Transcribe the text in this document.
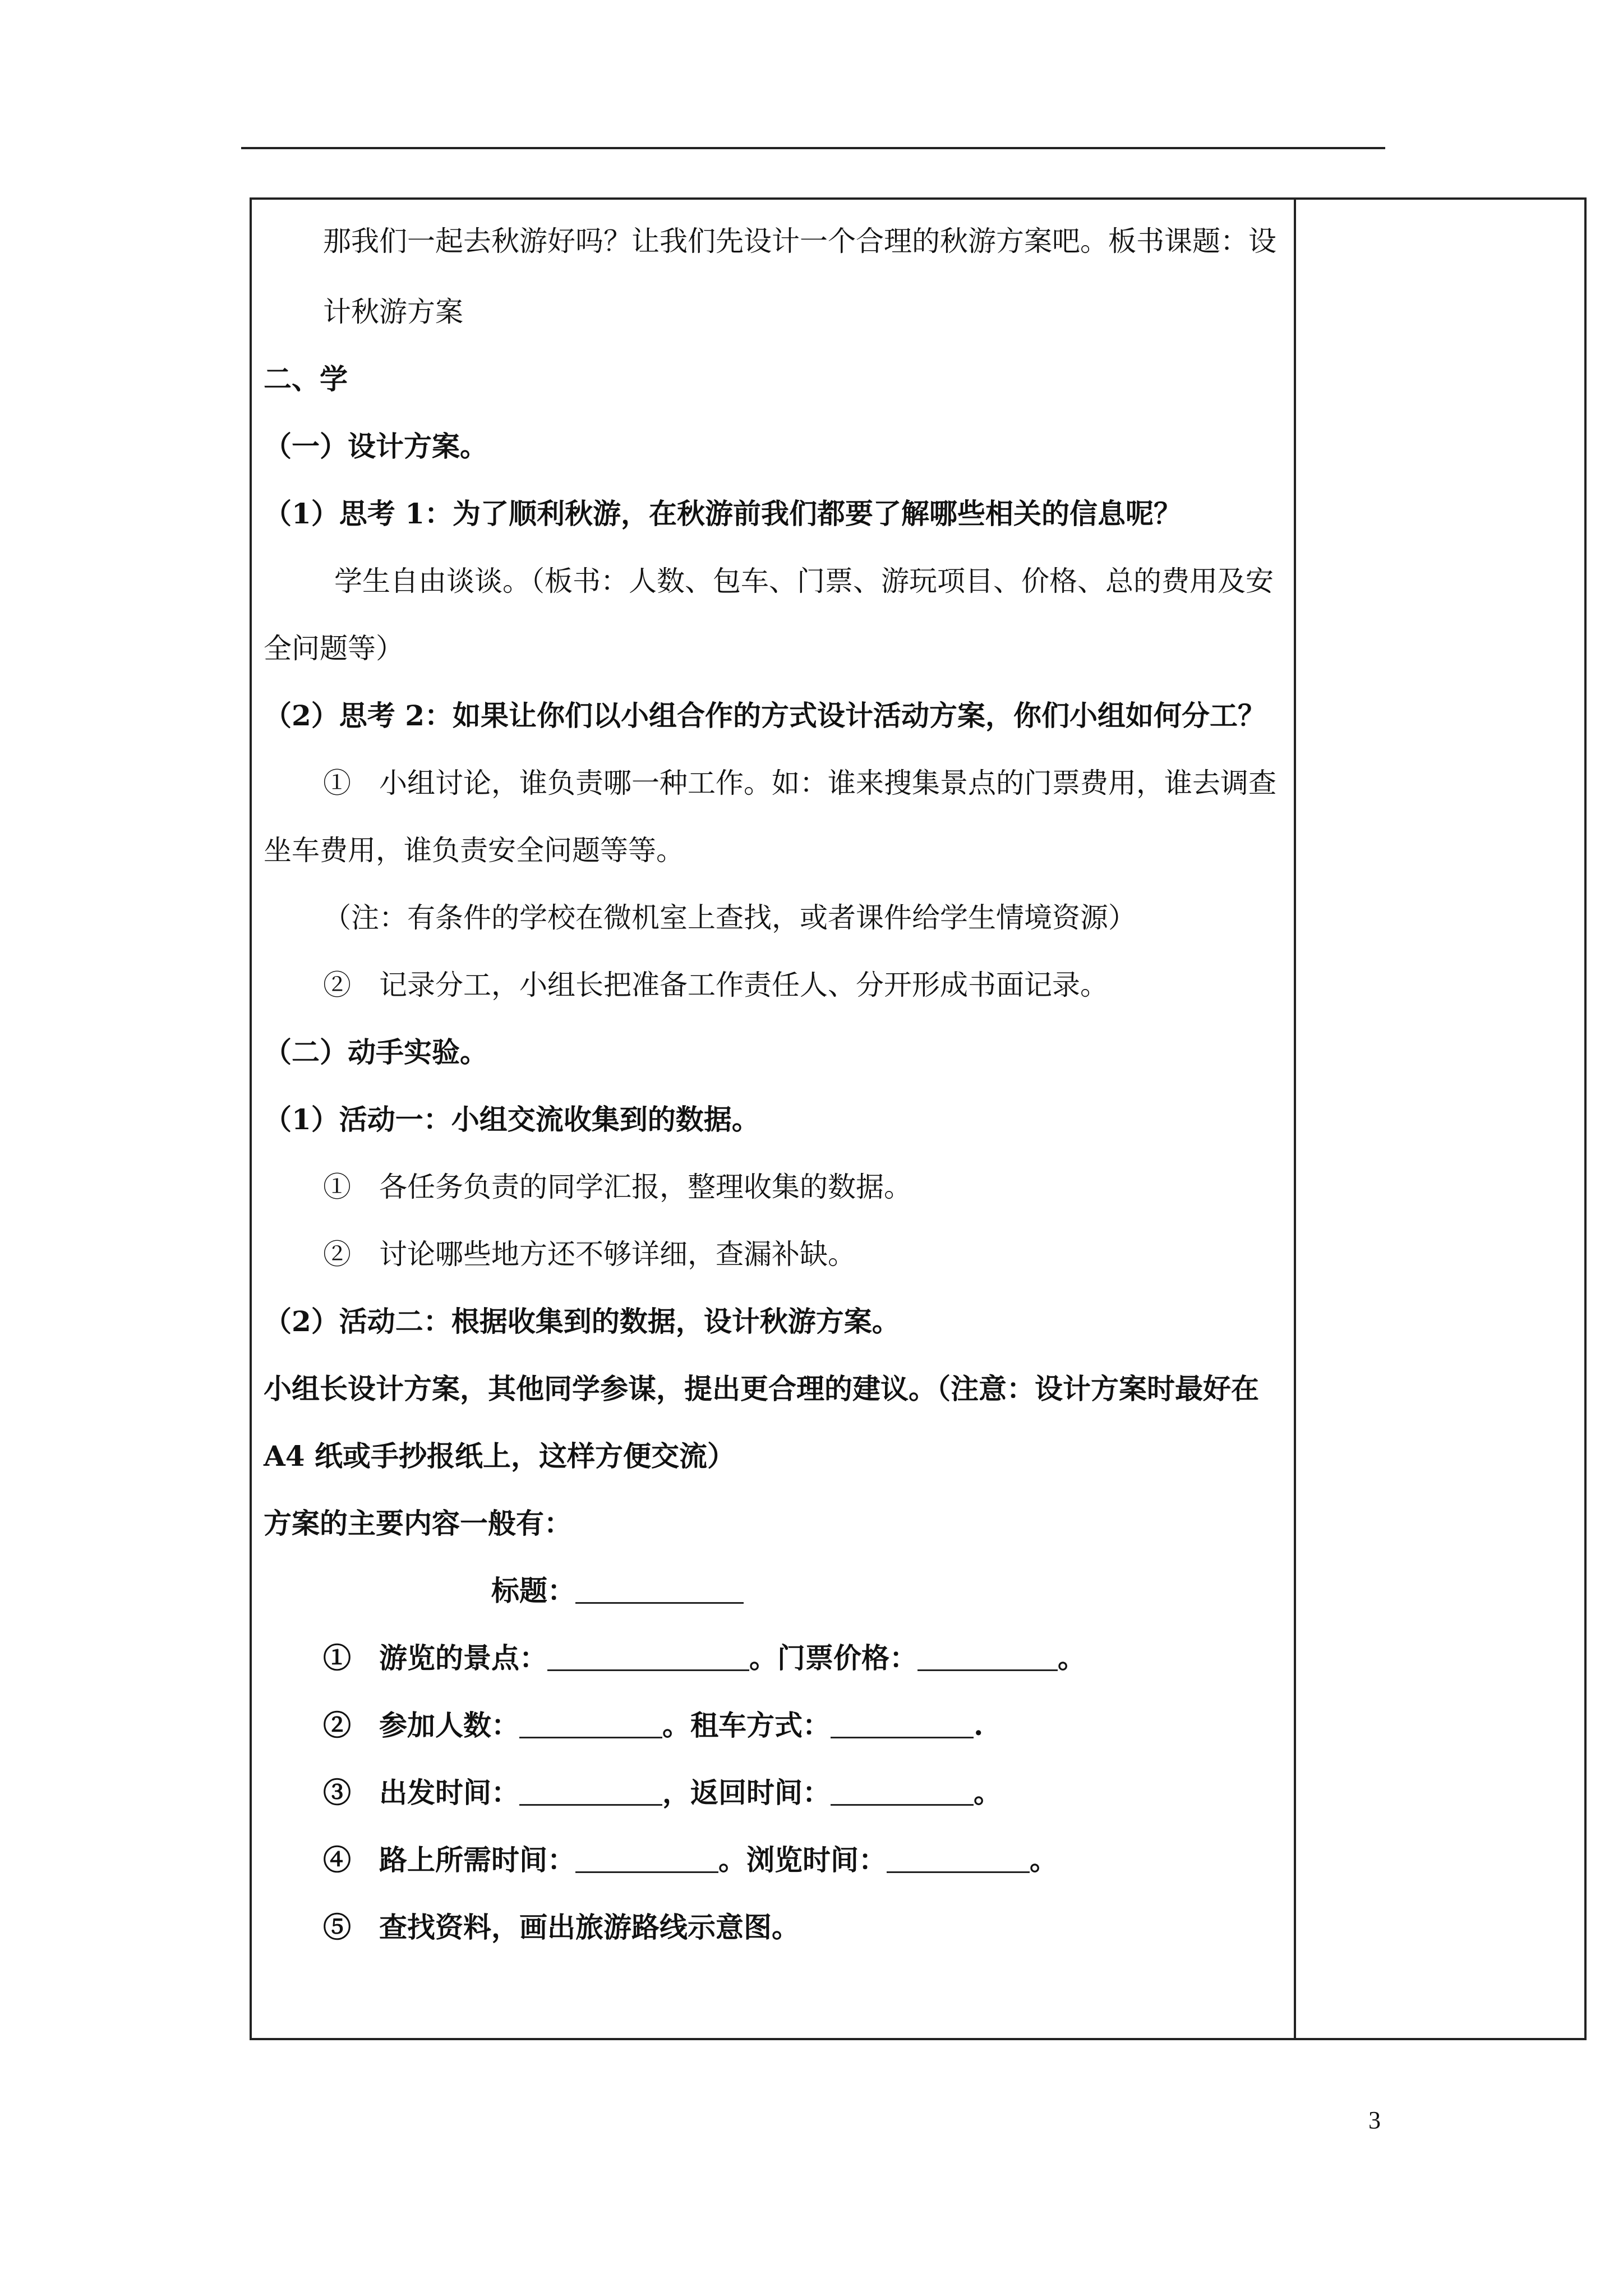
那我们一起去秋游好吗？让我们先设计一个合理的秋游方案吧。板书课题：设
计秋游方案
二、学
（一）设计方案。
（1）思考 1：为了顺利秋游，在秋游前我们都要了解哪些相关的信息呢？
学生自由谈谈。（板书：人数、包车、门票、游玩项目、价格、总的费用及安
全问题等）
（2）思考 2：如果让你们以小组合作的方式设计活动方案，你们小组如何分工？
①　小组讨论，谁负责哪一种工作。如：谁来搜集景点的门票费用，谁去调查
坐车费用，谁负责安全问题等等。
（注：有条件的学校在微机室上查找，或者课件给学生情境资源）
②　记录分工，小组长把准备工作责任人、分开形成书面记录。
（二）动手实验。
（1）活动一：小组交流收集到的数据。
①　各任务负责的同学汇报，整理收集的数据。
②　讨论哪些地方还不够详细，查漏补缺。
（2）活动二：根据收集到的数据，设计秋游方案。
小组长设计方案，其他同学参谋，提出更合理的建议。（注意：设计方案时最好在
A4 纸或手抄报纸上，这样方便交流）
方案的主要内容一般有：
标题：
①　游览的景点：	。门票价格：	。
②　参加人数：	。租车方式：	.
③　出发时间：	，返回时间：	。
④　路上所需时间：	。浏览时间：	。
⑤　查找资料，画出旅游路线示意图。
3
